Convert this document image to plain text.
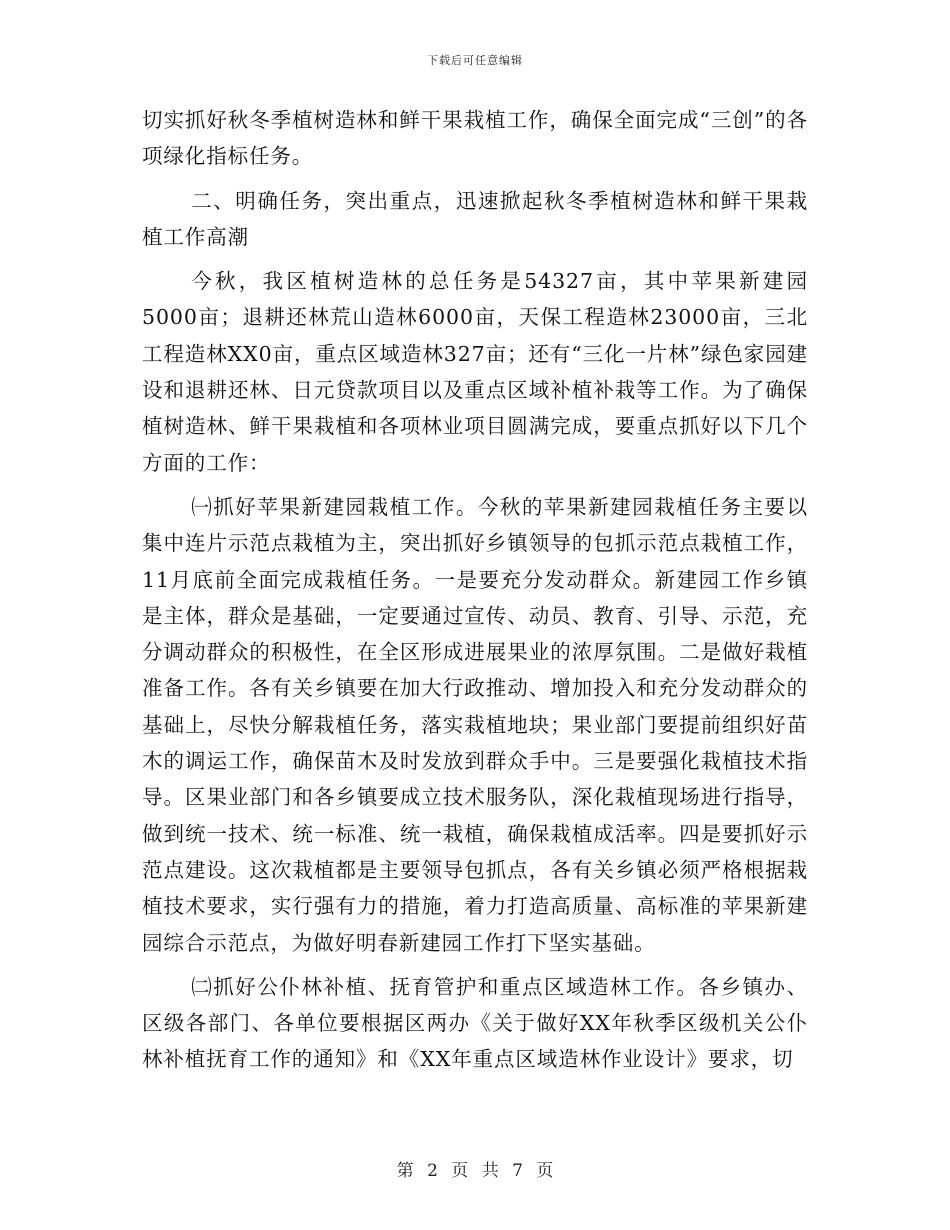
下载后可任意编辑

切实抓好秋冬季植树造林和鲜干果栽植工作，确保全面完成“三创”的各项绿化指标任务。

二、明确任务，突出重点，迅速掀起秋冬季植树造林和鲜干果栽植工作高潮

今秋，我区植树造林的总任务是54327亩，其中苹果新建园5000亩；退耕还林荒山造林6000亩，天保工程造林23000亩，三北工程造林XX0亩，重点区域造林327亩；还有“三化一片林”绿色家园建设和退耕还林、日元贷款项目以及重点区域补植补栽等工作。为了确保植树造林、鲜干果栽植和各项林业项目圆满完成，要重点抓好以下几个方面的工作：

㈠抓好苹果新建园栽植工作。今秋的苹果新建园栽植任务主要以集中连片示范点栽植为主，突出抓好乡镇领导的包抓示范点栽植工作，11月底前全面完成栽植任务。一是要充分发动群众。新建园工作乡镇是主体，群众是基础，一定要通过宣传、动员、教育、引导、示范，充分调动群众的积极性，在全区形成进展果业的浓厚氛围。二是做好栽植准备工作。各有关乡镇要在加大行政推动、增加投入和充分发动群众的基础上，尽快分解栽植任务，落实栽植地块；果业部门要提前组织好苗木的调运工作，确保苗木及时发放到群众手中。三是要强化栽植技术指导。区果业部门和各乡镇要成立技术服务队，深化栽植现场进行指导，做到统一技术、统一标准、统一栽植，确保栽植成活率。四是要抓好示范点建设。这次栽植都是主要领导包抓点，各有关乡镇必须严格根据栽植技术要求，实行强有力的措施，着力打造高质量、高标准的苹果新建园综合示范点，为做好明春新建园工作打下坚实基础。

㈡抓好公仆林补植、抚育管护和重点区域造林工作。各乡镇办、区级各部门、各单位要根据区两办《关于做好XX年秋季区级机关公仆林补植抚育工作的通知》和《XX年重点区域造林作业设计》要求，切

第 2 页 共 7 页
